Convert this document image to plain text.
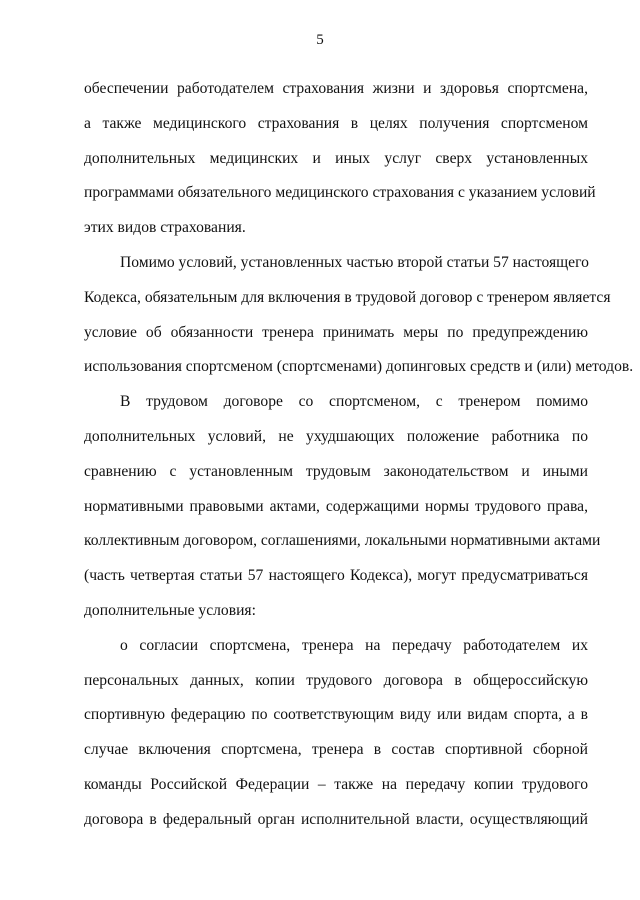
5

обеспечении работодателем страхования жизни и здоровья спортсмена,
а также медицинского страхования в целях получения спортсменом
дополнительных медицинских и иных услуг сверх установленных
программами обязательного медицинского страхования с указанием условий
этих видов страхования.

Помимо условий, установленных частью второй статьи 57 настоящего
Кодекса, обязательным для включения в трудовой договор с тренером является
условие об обязанности тренера принимать меры по предупреждению
использования спортсменом (спортсменами) допинговых средств и (или) методов.

В трудовом договоре со спортсменом, с тренером помимо
дополнительных условий, не ухудшающих положение работника по
сравнению с установленным трудовым законодательством и иными
нормативными правовыми актами, содержащими нормы трудового права,
коллективным договором, соглашениями, локальными нормативными актами
(часть четвертая статьи 57 настоящего Кодекса), могут предусматриваться
дополнительные условия:

о согласии спортсмена, тренера на передачу работодателем их
персональных данных, копии трудового договора в общероссийскую
спортивную федерацию по соответствующим виду или видам спорта, а в
случае включения спортсмена, тренера в состав спортивной сборной
команды Российской Федерации – также на передачу копии трудового
договора в федеральный орган исполнительной власти, осуществляющий
